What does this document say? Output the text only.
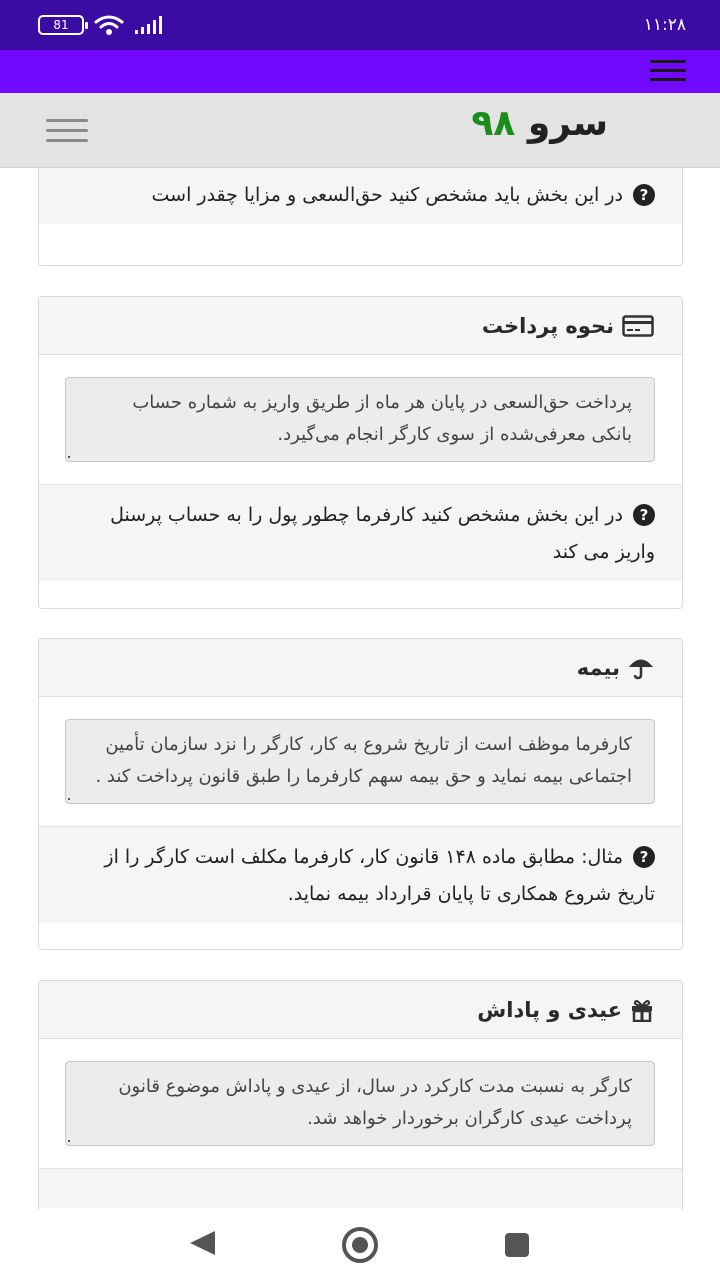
81	۱۱:۲۸
سرو ۹۸
?در این بخش باید مشخص کنید حق‌السعی و مزایا چقدر است
نحوه پرداخت
پرداخت حق‌السعی در پایان هر ماه از طریق واریز به شماره حساب بانکی معرفی‌شده از سوی کارگر انجام می‌گیرد.
?در این بخش مشخص کنید کارفرما چطور پول را به حساب پرسنل واریز می کند
بیمه
کارفرما موظف است از تاریخ شروع به کار، کارگر را نزد سازمان تأمین اجتماعی بیمه نماید و حق بیمه سهم کارفرما را طبق قانون پرداخت کند .
?مثال: مطابق ماده ۱۴۸ قانون کار، کارفرما مکلف است کارگر را از تاریخ شروع همکاری تا پایان قرارداد بیمه نماید.
عیدی و پاداش
کارگر به نسبت مدت کارکرد در سال، از عیدی و پاداش موضوع قانون پرداخت عیدی کارگران برخوردار خواهد شد.
